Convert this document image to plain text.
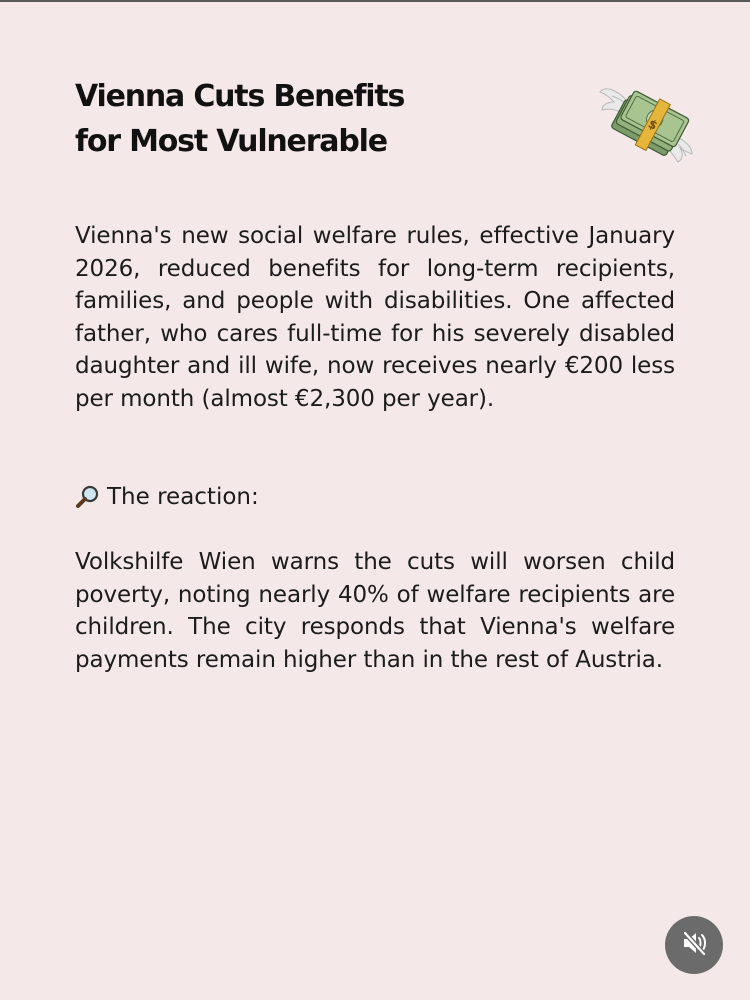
Vienna Cuts Benefits
for Most Vulnerable	$

Vienna's new social welfare rules, effective January 2026, reduced benefits for long-term recipients, families, and people with disabilities. One affected father, who cares full-time for his severely disabled daughter and ill wife, now receives nearly €200 less per month (almost €2,300 per year).

The reaction:

Volkshilfe Wien warns the cuts will worsen child poverty, noting nearly 40% of welfare recipients are children. The city responds that Vienna's welfare payments remain higher than in the rest of Austria.
